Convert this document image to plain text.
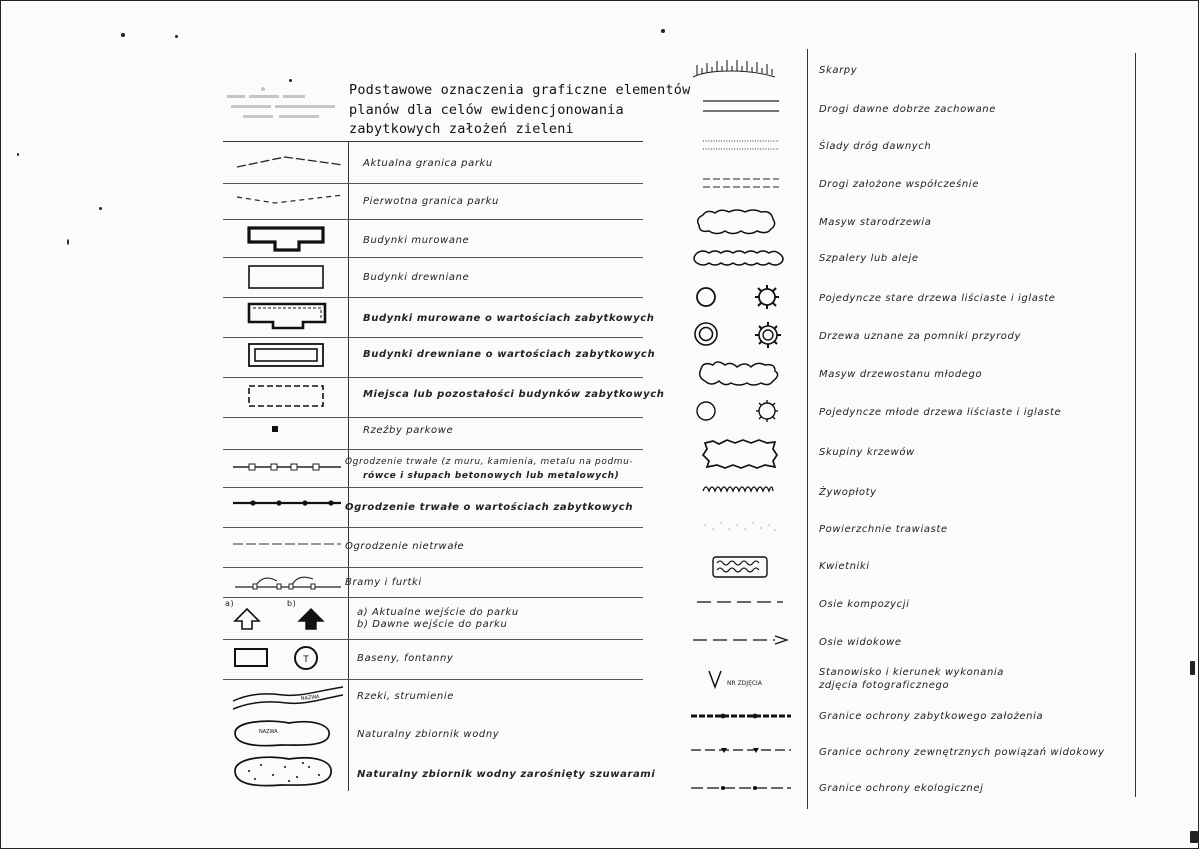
Podstawowe oznaczenia graficzne elementów
planów dla celów ewidencjonowania
zabytkowych założeń zieleni
Aktualna granica parku
Pierwotna granica parku
Budynki murowane
Budynki drewniane
Budynki murowane o wartościach zabytkowych
Budynki drewniane o wartościach zabytkowych
Miejsca lub pozostałości budynków zabytkowych
Rzeźby parkowe
Ogrodzenie trwałe (z muru, kamienia, metalu na podmu-
rówce i słupach betonowych lub metalowych)
Ogrodzenie trwałe o wartościach zabytkowych
Ogrodzenie nietrwałe
Bramy i furtki
a)	b)
a) Aktualne wejście do parku
b) Dawne wejście do parku
T	Baseny, fontanny
NAZWA	Rzeki, strumienie
NAZWA	Naturalny zbiornik wodny
Naturalny zbiornik wodny zarośnięty szuwarami
Skarpy
Drogi dawne dobrze zachowane
Ślady dróg dawnych
Drogi założone współcześnie
Masyw starodrzewia
Szpalery lub aleje
Pojedyncze stare drzewa liściaste i iglaste
Drzewa uznane za pomniki przyrody
Masyw drzewostanu młodego
Pojedyncze młode drzewa liściaste i iglaste
Skupiny krzewów
Żywopłoty
Powierzchnie trawiaste
Kwietniki
Osie kompozycji
Osie widokowe
NR ZDJĘCIA
Stanowisko i kierunek wykonania
zdjęcia fotograficznego
Granice ochrony zabytkowego założenia
Granice ochrony zewnętrznych powiązań widokowy
Granice ochrony ekologicznej
